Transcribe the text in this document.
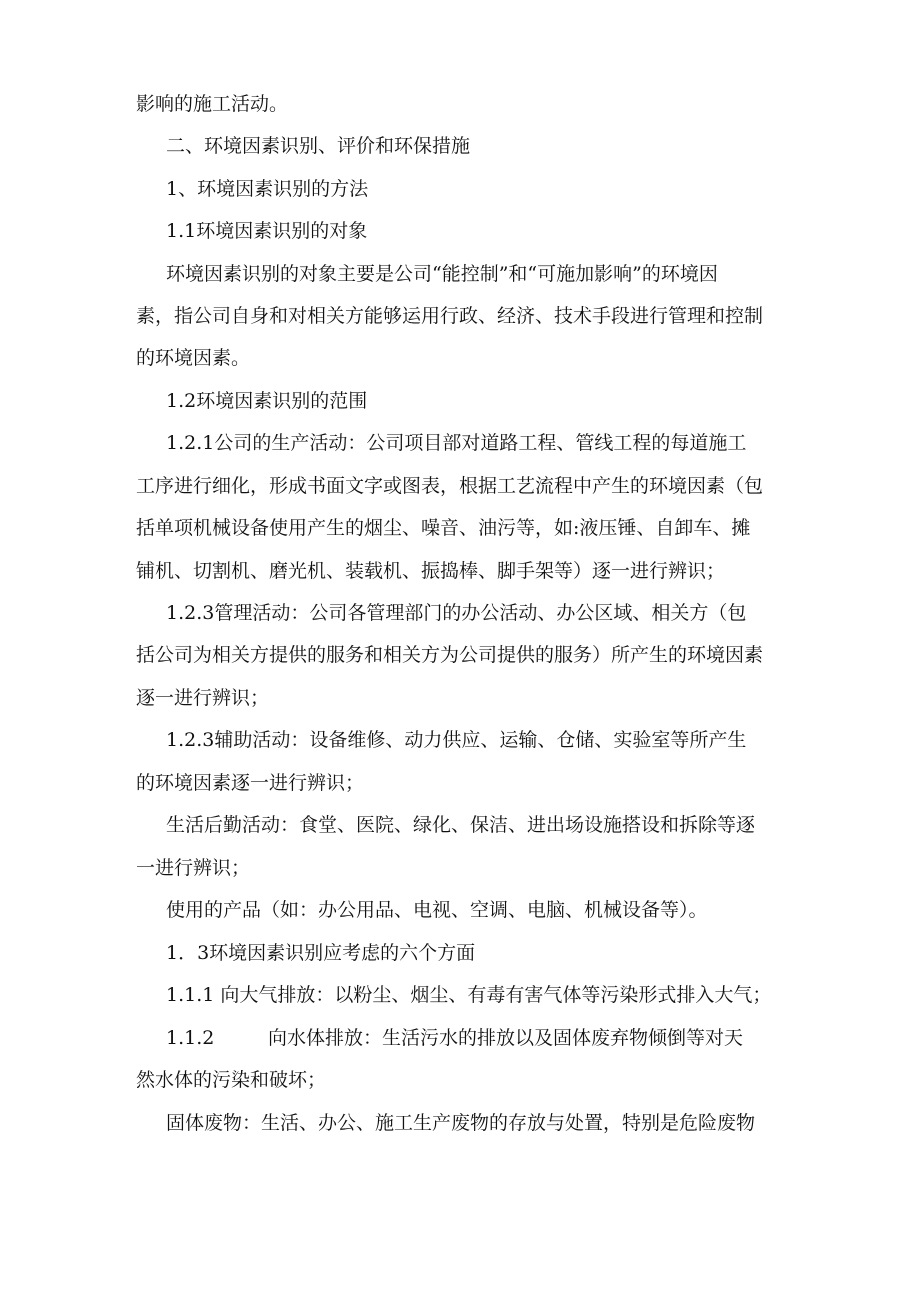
影响的施工活动。
二、环境因素识别、评价和环保措施
1、环境因素识别的方法
1.1环境因素识别的对象
环境因素识别的对象主要是公司“能控制”和“可施加影响”的环境因
素，指公司自身和对相关方能够运用行政、经济、技术手段进行管理和控制
的环境因素。
1.2环境因素识别的范围
1.2.1公司的生产活动：公司项目部对道路工程、管线工程的每道施工
工序进行细化，形成书面文字或图表，根据工艺流程中产生的环境因素（包
括单项机械设备使用产生的烟尘、噪音、油污等，如:液压锤、自卸车、摊
铺机、切割机、磨光机、装载机、振捣棒、脚手架等）逐一进行辨识；
1.2.3管理活动：公司各管理部门的办公活动、办公区域、相关方（包
括公司为相关方提供的服务和相关方为公司提供的服务）所产生的环境因素
逐一进行辨识；
1.2.3辅助活动：设备维修、动力供应、运输、仓储、实验室等所产生
的环境因素逐一进行辨识；
生活后勤活动：食堂、医院、绿化、保洁、进出场设施搭设和拆除等逐
一进行辨识；
使用的产品（如：办公用品、电视、空调、电脑、机械设备等）。
1．3环境因素识别应考虑的六个方面
1.1.1 向大气排放：以粉尘、烟尘、有毒有害气体等污染形式排入大气；
1.1.2	向水体排放：生活污水的排放以及固体废弃物倾倒等对天
然水体的污染和破坏；
固体废物：生活、办公、施工生产废物的存放与处置，特别是危险废物
